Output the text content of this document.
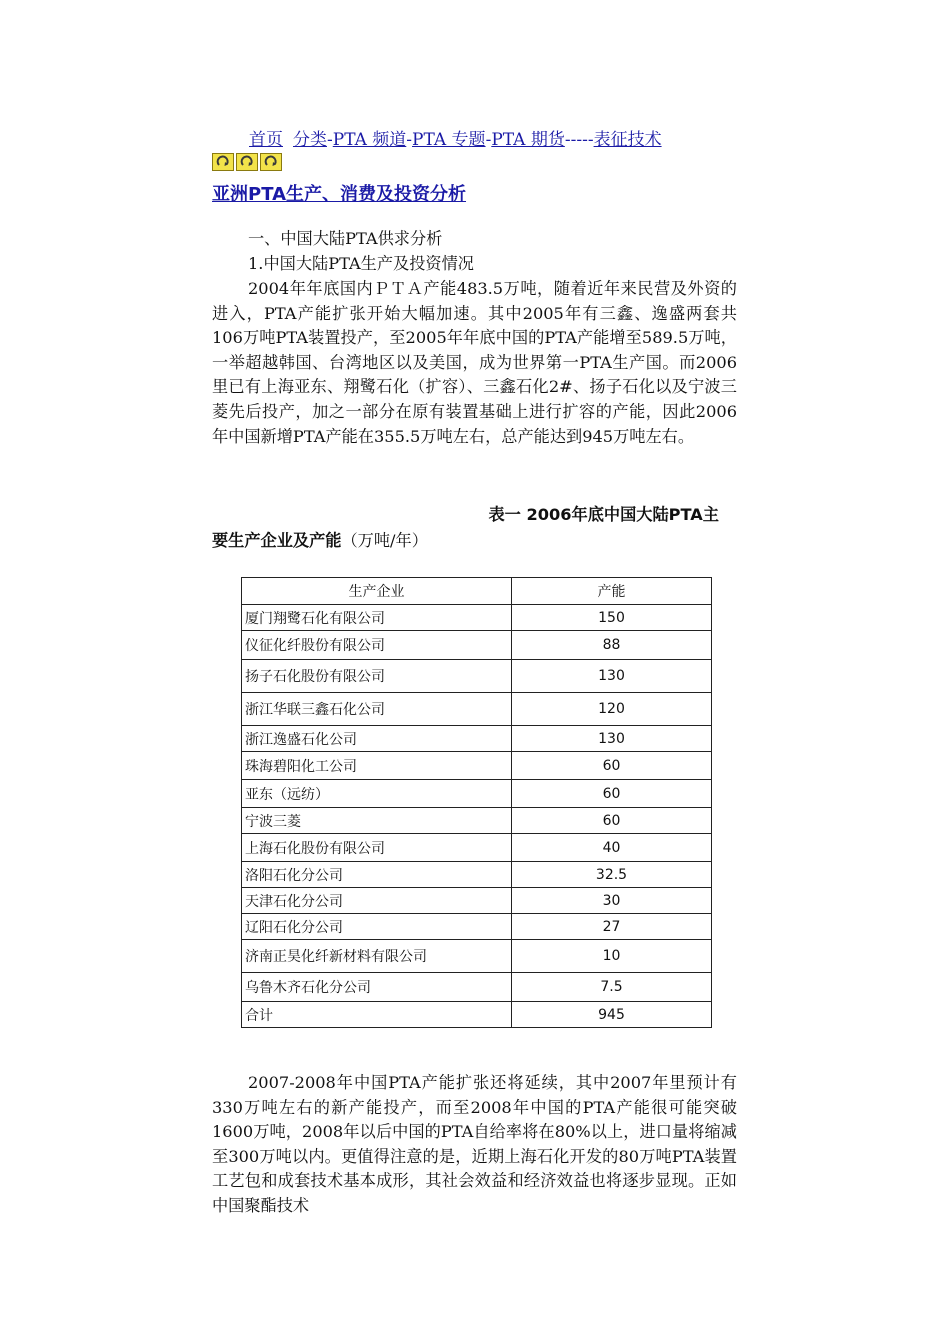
首页 分类-PTA 频道-PTA 专题-PTA 期货-----表征技术
亚洲PTA生产、消费及投资分析
一、中国大陆PTA供求分析
1.中国大陆PTA生产及投资情况
2004年年底国内ＰＴＡ产能483.5万吨，随着近年来民营及外资的进入，PTA产能扩张开始大幅加速。其中2005年有三鑫、逸盛两套共106万吨PTA装置投产，至2005年年底中国的PTA产能增至589.5万吨，一举超越韩国、台湾地区以及美国，成为世界第一PTA生产国。而2006里已有上海亚东、翔鹭石化（扩容）、三鑫石化2#、扬子石化以及宁波三菱先后投产，加之一部分在原有装置基础上进行扩容的产能，因此2006年中国新增PTA产能在355.5万吨左右，总产能达到945万吨左右。
表一 2006年底中国大陆PTA主
要生产企业及产能（万吨/年）
生产企业	产能
厦门翔鹭石化有限公司	150
仪征化纤股份有限公司	88
扬子石化股份有限公司	130
浙江华联三鑫石化公司	120
浙江逸盛石化公司	130
珠海碧阳化工公司	60
亚东（远纺）	60
宁波三菱	60
上海石化股份有限公司	40
洛阳石化分公司	32.5
天津石化分公司	30
辽阳石化分公司	27
济南正昊化纤新材料有限公司	10
乌鲁木齐石化分公司	7.5
合计	945
2007-2008年中国PTA产能扩张还将延续，其中2007年里预计有330万吨左右的新产能投产，而至2008年中国的PTA产能很可能突破1600万吨，2008年以后中国的PTA自给率将在80%以上，进口量将缩减至300万吨以内。更值得注意的是，近期上海石化开发的80万吨PTA装置工艺包和成套技术基本成形，其社会效益和经济效益也将逐步显现。正如中国聚酯技术
